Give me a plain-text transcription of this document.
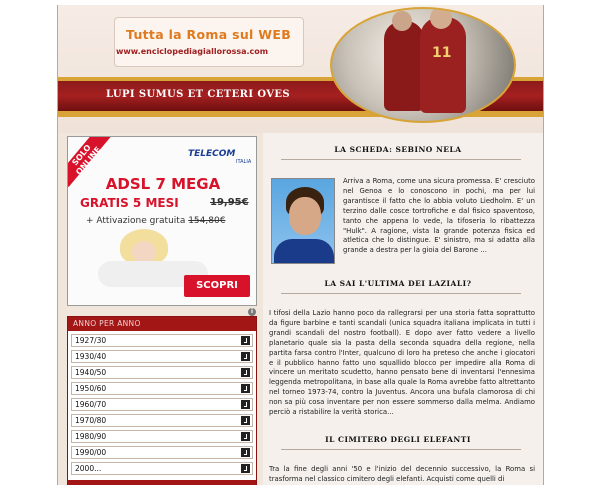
Tutta la Roma sul WEB
www.enciclopediagiallorossa.com
LUPI SUMUS ET CETERI OVES
11
SOLO ONLINE	TELECOM
ITALIA
ADSL 7 MEGA
GRATIS 5 MESI	19,95€
+ Attivazione gratuita 154,80€
SCOPRI
i
ANNO PER ANNO
1927/30
1930/40
1940/50
1950/60
1960/70
1970/80
1980/90
1990/00
2000...
LA SCHEDA: SEBINO NELA
Arriva a Roma, come una sicura promessa. E' cresciuto nel Genoa e lo conoscono in pochi, ma per lui garantisce il fatto che lo abbia voluto Liedholm. E' un terzino dalle cosce tortrofiche e dal fisico spaventoso, tanto che appena lo vede, la tifoseria lo ribattezza "Hulk". A ragione, vista la grande potenza fisica ed atletica che lo distingue. E' sinistro, ma si adatta alla grande a destra per la gioia del Barone ...
LA SAI L'ULTIMA DEI LAZIALI?
I tifosi della Lazio hanno poco da rallegrarsi per una storia fatta soprattutto da figure barbine e tanti scandali (unica squadra italiana implicata in tutti i grandi scandali del nostro football). E dopo aver fatto vedere a livello planetario quale sia la pasta della seconda squadra della regione, nella partita farsa contro l'Inter, qualcuno di loro ha preteso che anche i giocatori e il pubblico hanno fatto uno squallido blocco per impedire alla Roma di vincere un meritato scudetto, hanno pensato bene di inventarsi l'ennesima leggenda metropolitana, in base alla quale la Roma avrebbe fatto altrettanto nel torneo 1973-74, contro la Juventus. Ancora una bufala clamorosa di chi non sa più cosa inventare per non essere sommerso dalla melma. Andiamo perciò a ristabilire la verità storica...
IL CIMITERO DEGLI ELEFANTI
Tra la fine degli anni '50 e l'inizio del decennio successivo, la Roma si trasforma nel classico cimitero degli elefanti. Acquisti come quelli di
